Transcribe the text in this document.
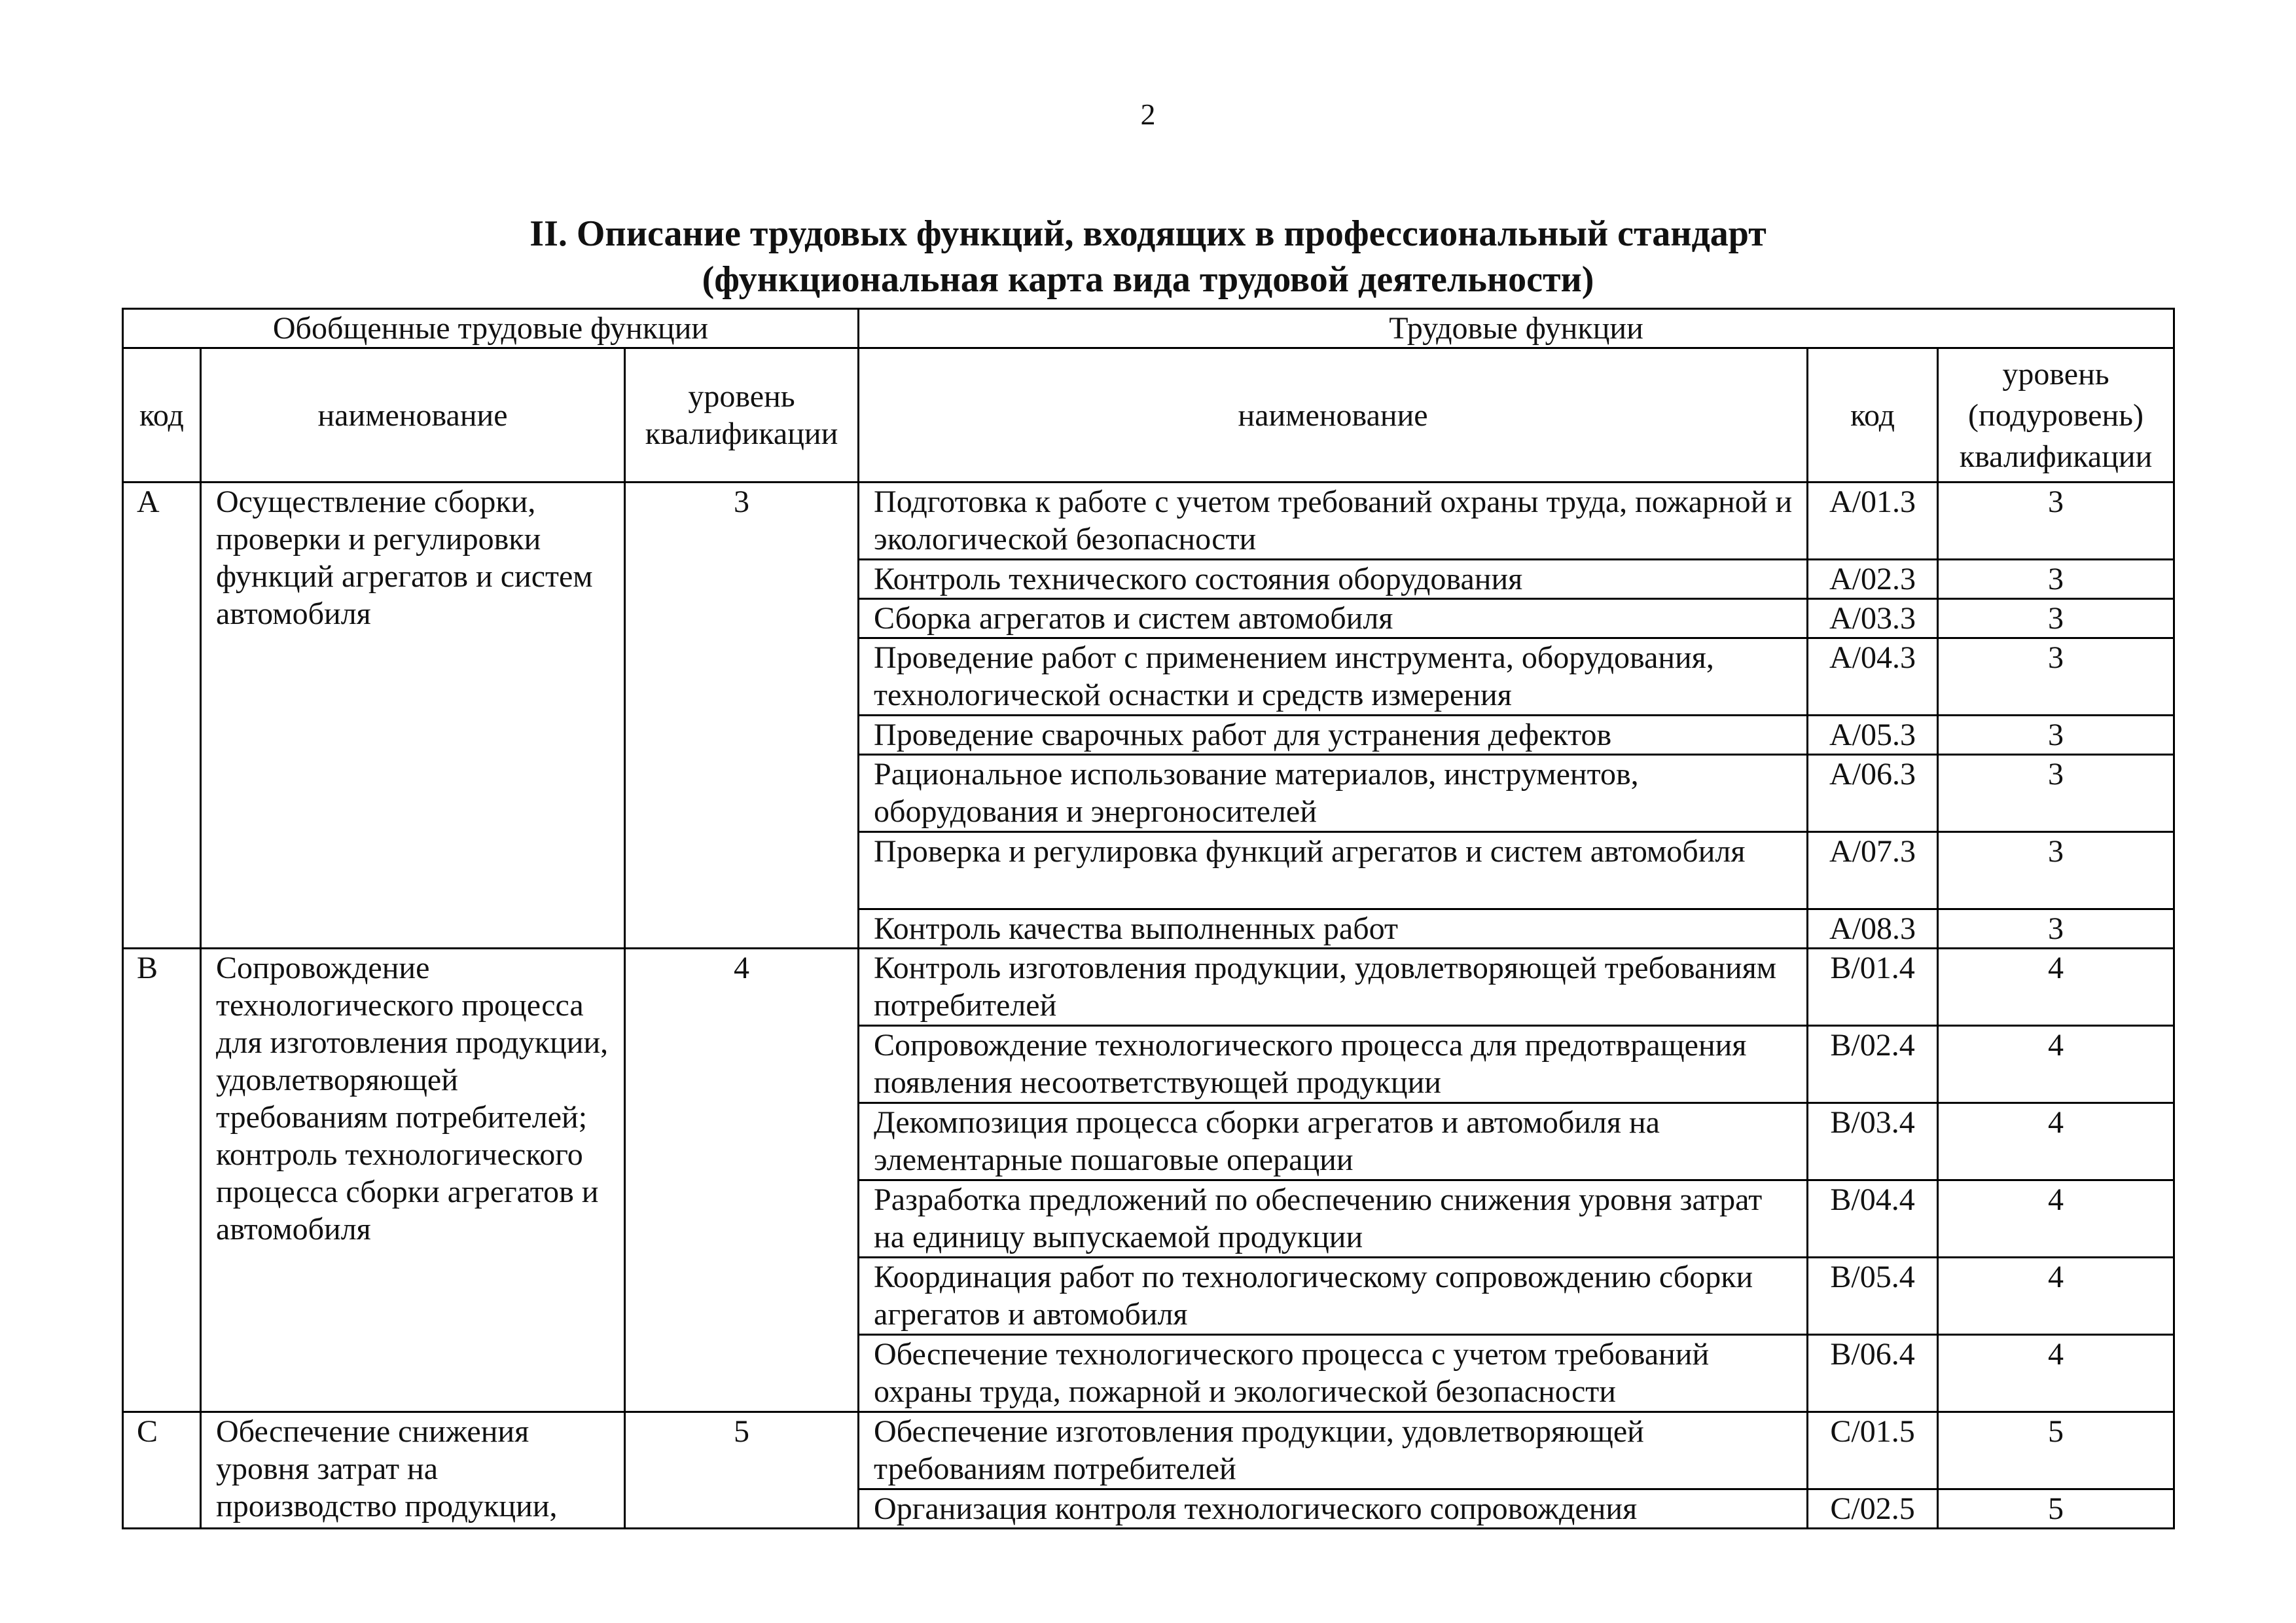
2
II. Описание трудовых функций, входящих в профессиональный стандарт
(функциональная карта вида трудовой деятельности)
Обобщенные трудовые функции			Трудовые функции		
код	наименование	уровень квалификации	наименование	код	уровень (подуровень) квалификации
A	Осуществление сборки, проверки и регулировки функций агрегатов и систем автомобиля	3	Подготовка к работе с учетом требований охраны труда, пожарной и экологической безопасности	A/01.3	3
			Контроль технического состояния оборудования	A/02.3	3
			Сборка агрегатов и систем автомобиля	A/03.3	3
			Проведение работ с применением инструмента, оборудования, технологической оснастки и средств измерения	A/04.3	3
			Проведение сварочных работ для устранения дефектов	A/05.3	3
			Рациональное использование материалов, инструментов, оборудования и энергоносителей	A/06.3	3
			Проверка и регулировка функций агрегатов и систем автомобиля	A/07.3	3
			Контроль качества выполненных работ	A/08.3	3
B	Сопровождение технологического процесса для изготовления продукции, удовлетворяющей требованиям потребителей; контроль технологического процесса сборки агрегатов и автомобиля	4	Контроль изготовления продукции, удовлетворяющей требованиям потребителей	B/01.4	4
			Сопровождение технологического процесса для предотвращения появления несоответствующей продукции	B/02.4	4
			Декомпозиция процесса сборки агрегатов и автомобиля на элементарные пошаговые операции	B/03.4	4
			Разработка предложений по обеспечению снижения уровня затрат на единицу выпускаемой продукции	B/04.4	4
			Координация работ по технологическому сопровождению сборки агрегатов и автомобиля	B/05.4	4
			Обеспечение технологического процесса с учетом требований охраны труда, пожарной и экологической безопасности	B/06.4	4
C	Обеспечение снижения уровня затрат на производство продукции,	5	Обеспечение изготовления продукции, удовлетворяющей требованиям потребителей	C/01.5	5
			Организация контроля технологического сопровождения	C/02.5	5
